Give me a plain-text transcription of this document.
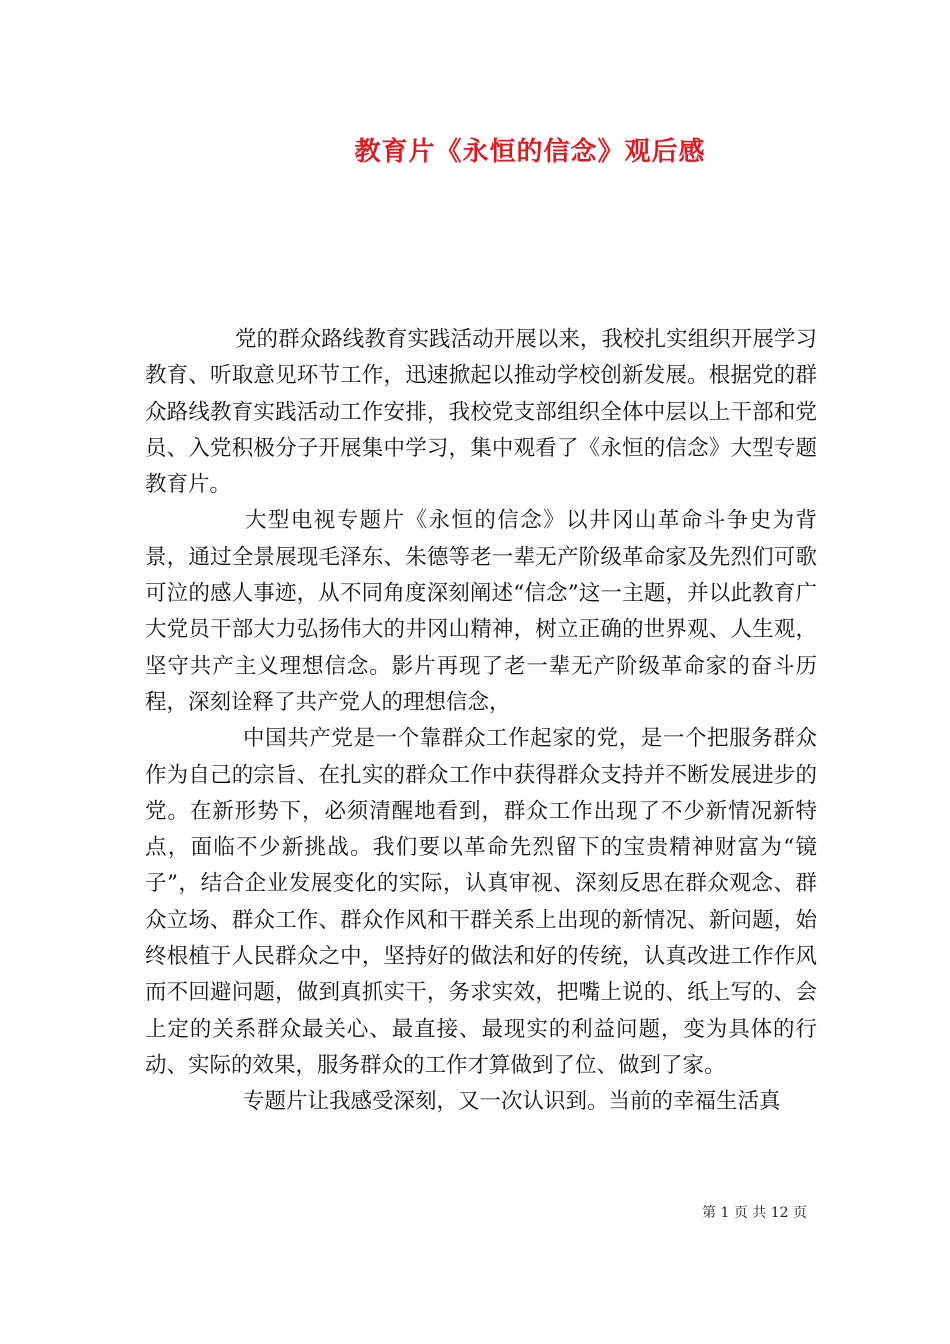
教育片《永恒的信念》观后感

党的群众路线教育实践活动开展以来，我校扎实组织开展学习教育、听取意见环节工作，迅速掀起以推动学校创新发展。根据党的群众路线教育实践活动工作安排，我校党支部组织全体中层以上干部和党员、入党积极分子开展集中学习，集中观看了《永恒的信念》大型专题教育片。

大型电视专题片《永恒的信念》以井冈山革命斗争史为背景，通过全景展现毛泽东、朱德等老一辈无产阶级革命家及先烈们可歌可泣的感人事迹，从不同角度深刻阐述“信念”这一主题，并以此教育广大党员干部大力弘扬伟大的井冈山精神，树立正确的世界观、人生观，坚守共产主义理想信念。影片再现了老一辈无产阶级革命家的奋斗历程，深刻诠释了共产党人的理想信念，

中国共产党是一个靠群众工作起家的党，是一个把服务群众作为自己的宗旨、在扎实的群众工作中获得群众支持并不断发展进步的党。在新形势下，必须清醒地看到，群众工作出现了不少新情况新特点，面临不少新挑战。我们要以革命先烈留下的宝贵精神财富为“镜子”，结合企业发展变化的实际，认真审视、深刻反思在群众观念、群众立场、群众工作、群众作风和干群关系上出现的新情况、新问题，始终根植于人民群众之中，坚持好的做法和好的传统，认真改进工作作风而不回避问题，做到真抓实干，务求实效，把嘴上说的、纸上写的、会上定的关系群众最关心、最直接、最现实的利益问题，变为具体的行动、实际的效果，服务群众的工作才算做到了位、做到了家。

专题片让我感受深刻，又一次认识到。当前的幸福生活真

第 1 页 共 12 页
